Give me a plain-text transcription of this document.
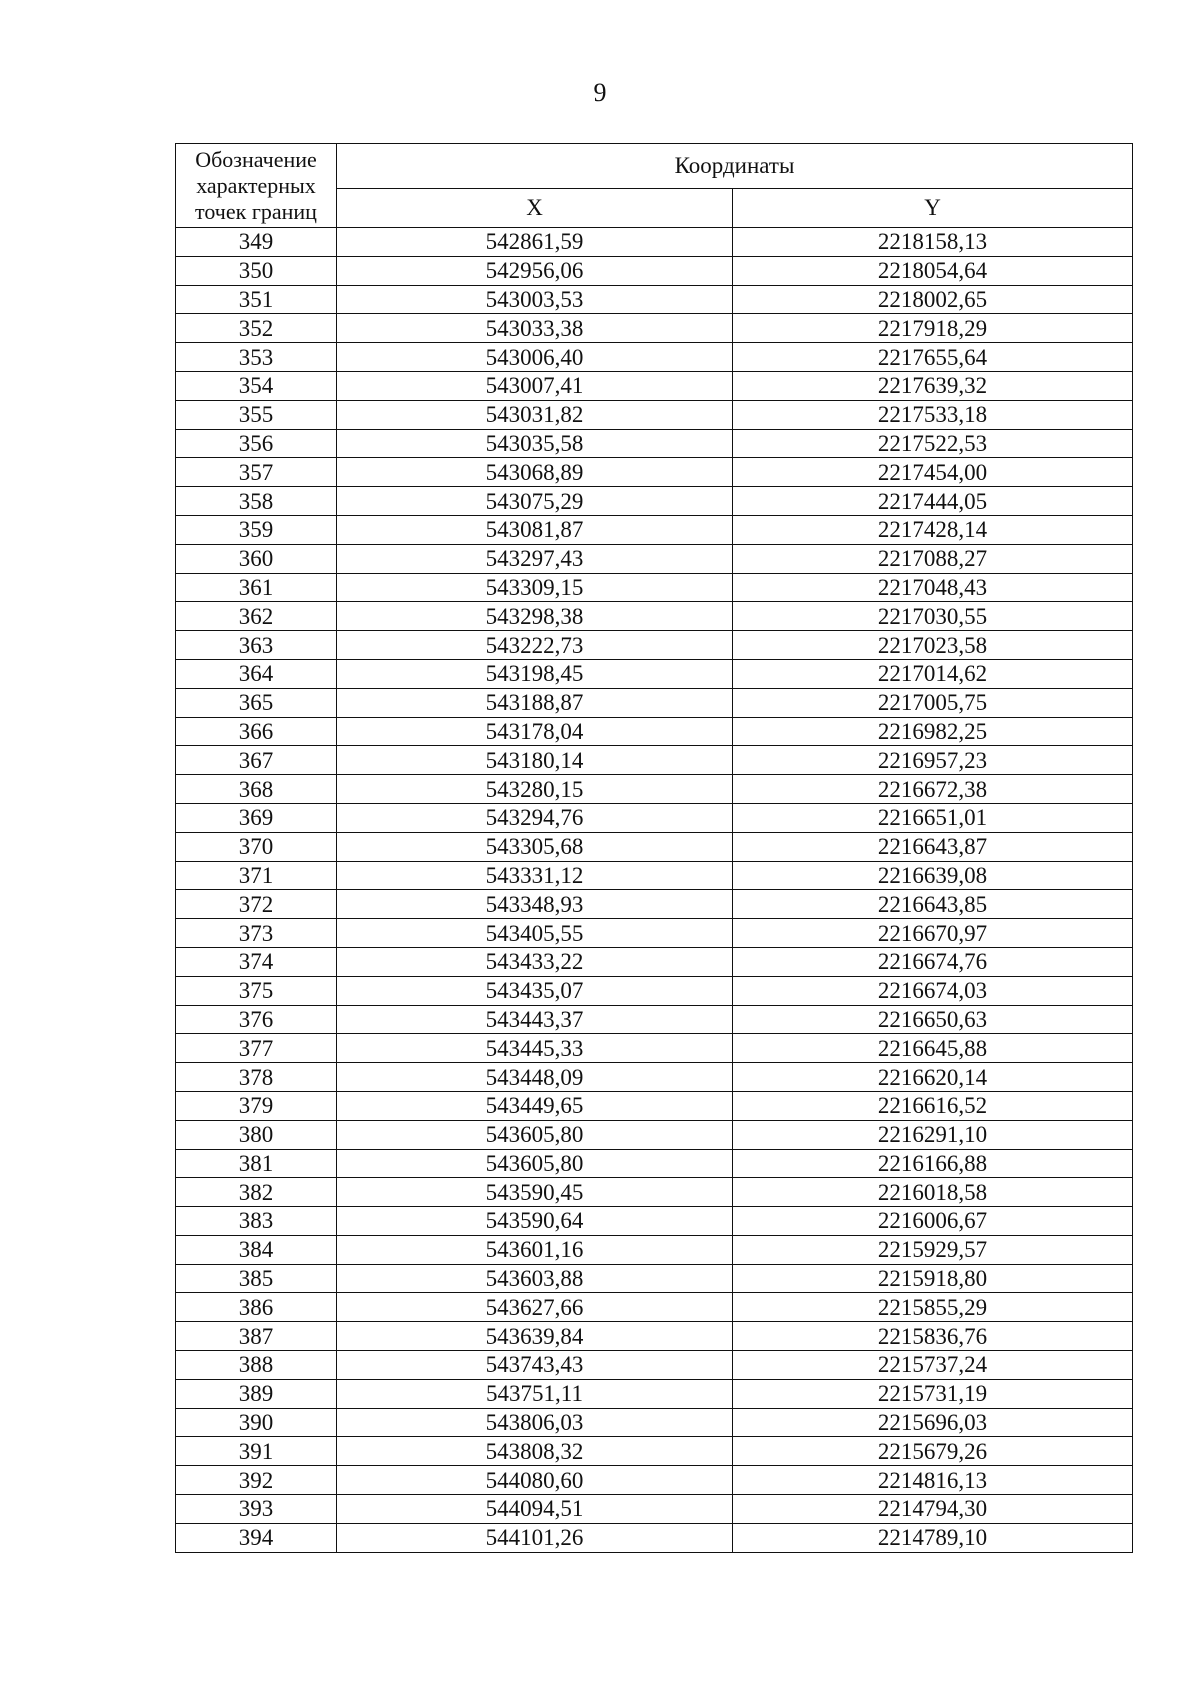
9
Обозначение характерных точек границ	Координаты	
	X	Y
349	542861,59	2218158,13
350	542956,06	2218054,64
351	543003,53	2218002,65
352	543033,38	2217918,29
353	543006,40	2217655,64
354	543007,41	2217639,32
355	543031,82	2217533,18
356	543035,58	2217522,53
357	543068,89	2217454,00
358	543075,29	2217444,05
359	543081,87	2217428,14
360	543297,43	2217088,27
361	543309,15	2217048,43
362	543298,38	2217030,55
363	543222,73	2217023,58
364	543198,45	2217014,62
365	543188,87	2217005,75
366	543178,04	2216982,25
367	543180,14	2216957,23
368	543280,15	2216672,38
369	543294,76	2216651,01
370	543305,68	2216643,87
371	543331,12	2216639,08
372	543348,93	2216643,85
373	543405,55	2216670,97
374	543433,22	2216674,76
375	543435,07	2216674,03
376	543443,37	2216650,63
377	543445,33	2216645,88
378	543448,09	2216620,14
379	543449,65	2216616,52
380	543605,80	2216291,10
381	543605,80	2216166,88
382	543590,45	2216018,58
383	543590,64	2216006,67
384	543601,16	2215929,57
385	543603,88	2215918,80
386	543627,66	2215855,29
387	543639,84	2215836,76
388	543743,43	2215737,24
389	543751,11	2215731,19
390	543806,03	2215696,03
391	543808,32	2215679,26
392	544080,60	2214816,13
393	544094,51	2214794,30
394	544101,26	2214789,10
